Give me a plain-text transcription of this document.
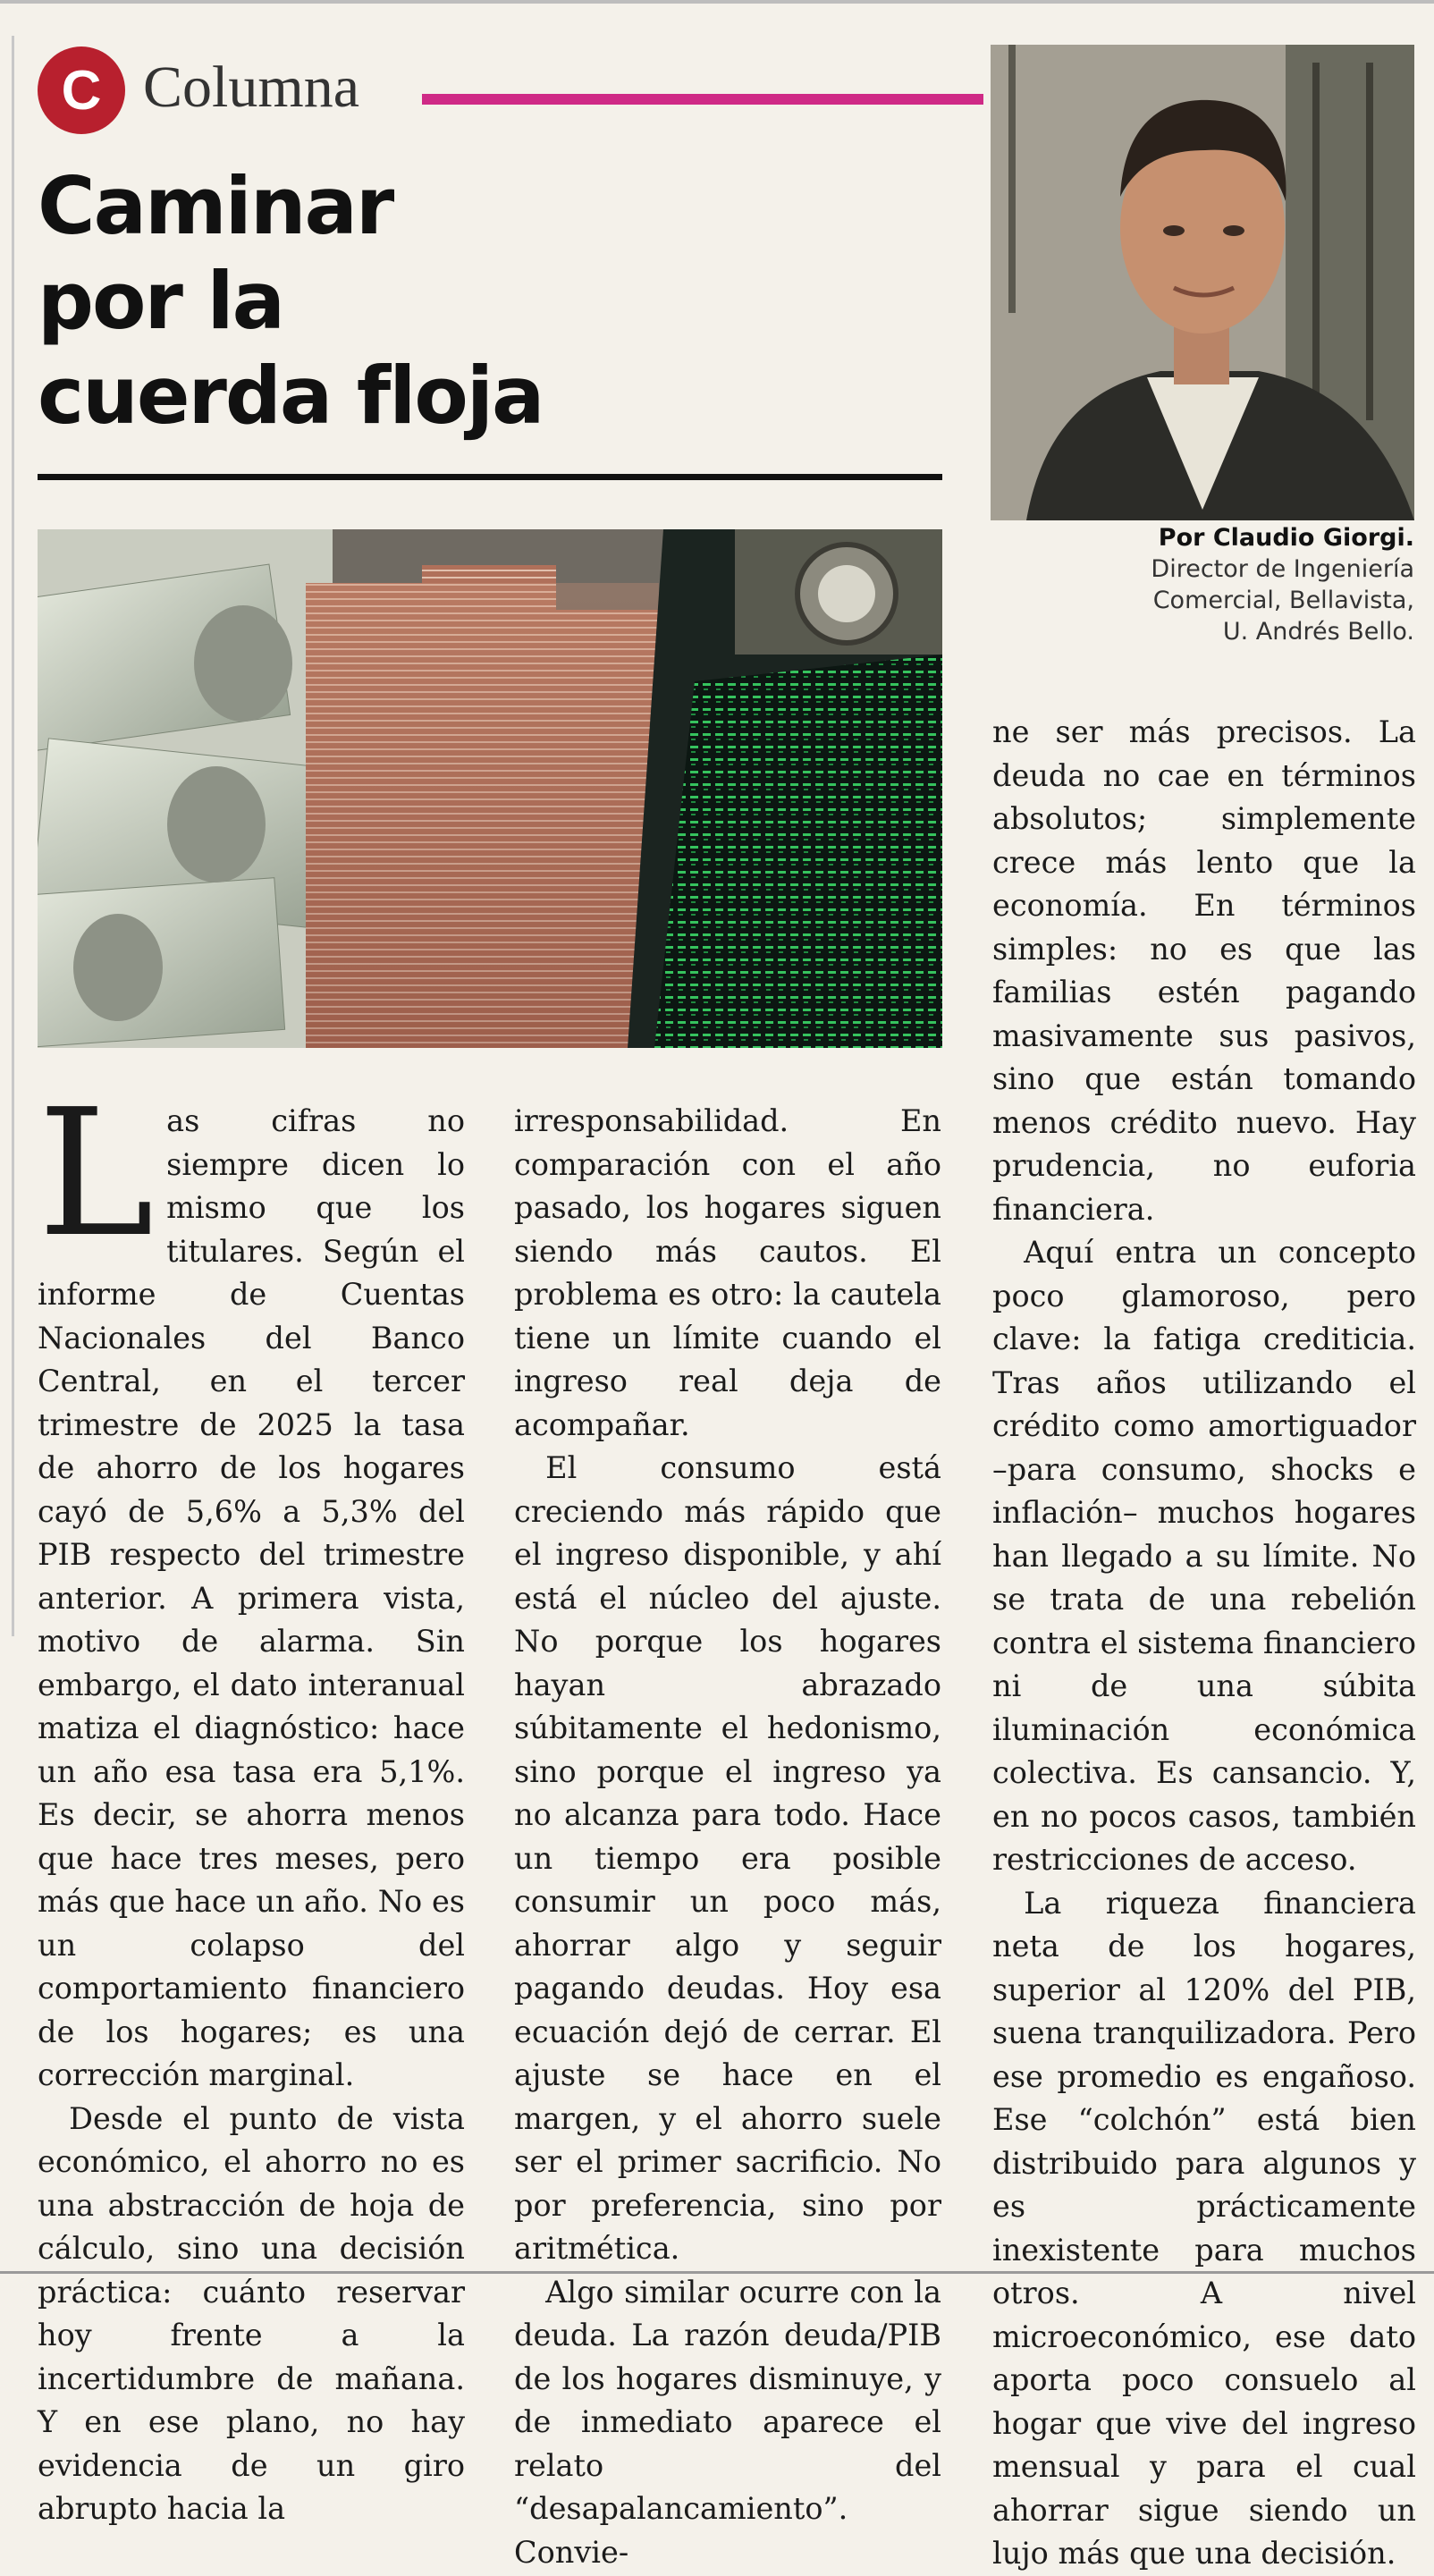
C Columna
Caminar
por la
cuerda floja
Por Claudio Giorgi.
Director de Ingeniería
Comercial, Bellavista,
U. Andrés Bello.

Las cifras no siempre dicen lo mismo que los titulares. Según el informe de Cuentas Nacionales del Banco Central, en el tercer trimestre de 2025 la tasa de ahorro de los hogares cayó de 5,6% a 5,3% del PIB respecto del trimestre anterior. A primera vista, motivo de alarma. Sin embargo, el dato interanual matiza el diagnóstico: hace un año esa tasa era 5,1%. Es decir, se ahorra menos que hace tres meses, pero más que hace un año. No es un colapso del comportamiento financiero de los hogares; es una corrección marginal.

Desde el punto de vista económico, el ahorro no es una abstracción de hoja de cálculo, sino una decisión práctica: cuánto reservar hoy frente a la incertidumbre de mañana. Y en ese plano, no hay evidencia de un giro abrupto hacia la

irresponsabilidad. En comparación con el año pasado, los hogares siguen siendo más cautos. El problema es otro: la cautela tiene un límite cuando el ingreso real deja de acompañar.

El consumo está creciendo más rápido que el ingreso disponible, y ahí está el núcleo del ajuste. No porque los hogares hayan abrazado súbitamente el hedonismo, sino porque el ingreso ya no alcanza para todo. Hace un tiempo era posible consumir un poco más, ahorrar algo y seguir pagando deudas. Hoy esa ecuación dejó de cerrar. El ajuste se hace en el margen, y el ahorro suele ser el primer sacrificio. No por preferencia, sino por aritmética.

Algo similar ocurre con la deuda. La razón deuda/PIB de los hogares disminuye, y de inmediato aparece el relato del “desapalancamiento”. Convie-

ne ser más precisos. La deuda no cae en términos absolutos; simplemente crece más lento que la economía. En términos simples: no es que las familias estén pagando masivamente sus pasivos, sino que están tomando menos crédito nuevo. Hay prudencia, no euforia financiera.

Aquí entra un concepto poco glamoroso, pero clave: la fatiga crediticia. Tras años utilizando el crédito como amortiguador –para consumo, shocks e inflación– muchos hogares han llegado a su límite. No se trata de una rebelión contra el sistema financiero ni de una súbita iluminación económica colectiva. Es cansancio. Y, en no pocos casos, también restricciones de acceso.

La riqueza financiera neta de los hogares, superior al 120% del PIB, suena tranquilizadora. Pero ese promedio es engañoso. Ese “colchón” está bien distribuido para algunos y es prácticamente inexistente para muchos otros. A nivel microeconómico, ese dato aporta poco consuelo al hogar que vive del ingreso mensual y para el cual ahorrar sigue siendo un lujo más que una decisión.
